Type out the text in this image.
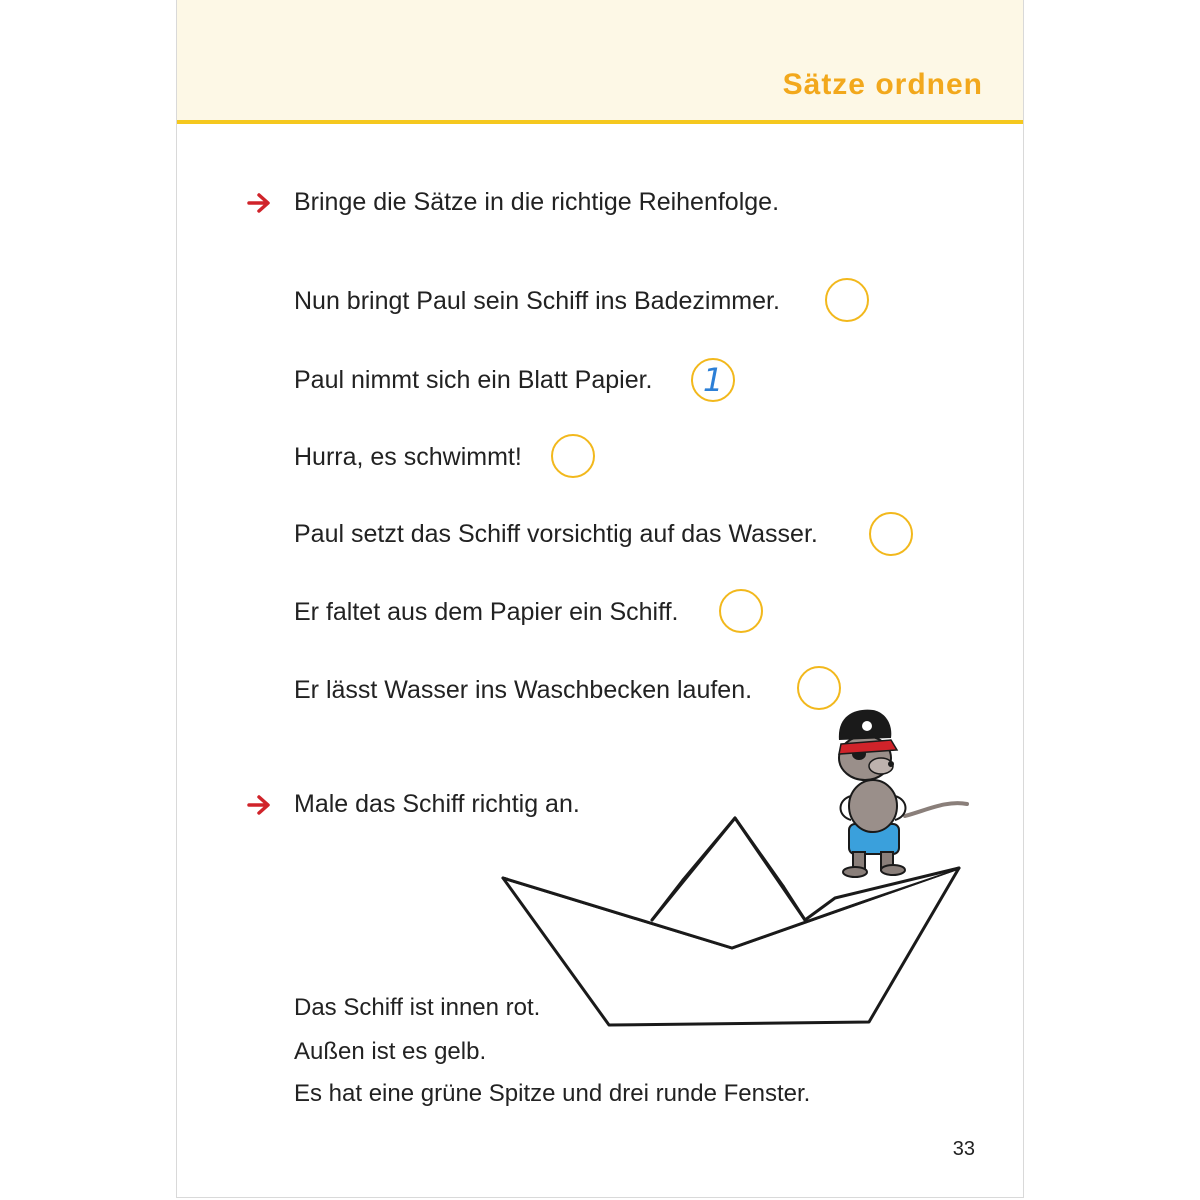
Sätze ordnen
Bringe die Sätze in die richtige Reihenfolge.
Nun bringt Paul sein Schiff ins Badezimmer.
Paul nimmt sich ein Blatt Papier.	1
Hurra, es schwimmt!
Paul setzt das Schiff vorsichtig auf das Wasser.
Er faltet aus dem Papier ein Schiff.
Er lässt Wasser ins Waschbecken laufen.
Male das Schiff richtig an.
Das Schiff ist innen rot.
Außen ist es gelb.
Es hat eine grüne Spitze und drei runde Fenster.
33
